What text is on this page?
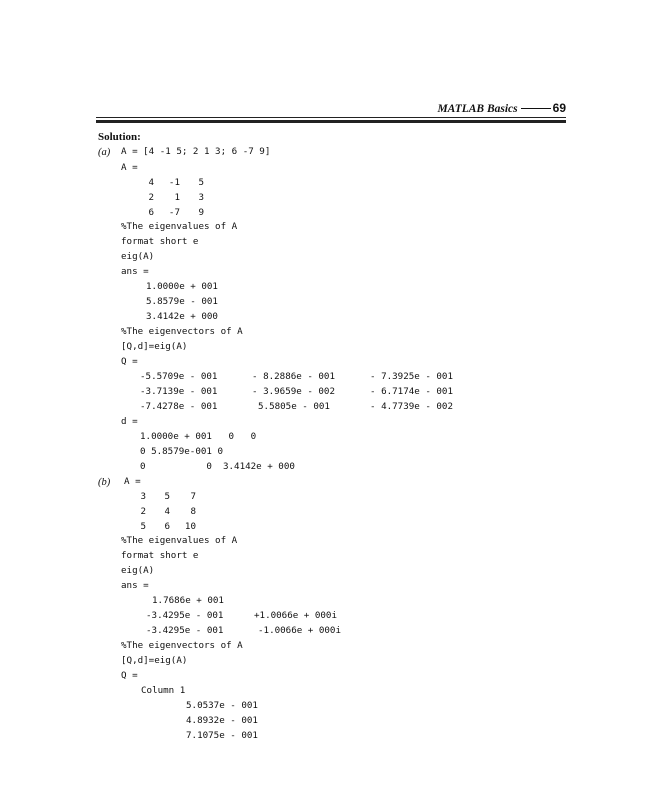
MATLAB Basics	69
Solution:
(a) A = [4 -1 5; 2 1 3; 6 -7 9]
A =
4	-1	5
2	1	3
6	-7	9
%The eigenvalues of A
format short e
eig(A)
ans =
1.0000e + 001
5.8579e - 001
3.4142e + 000
%The eigenvectors of A
[Q,d]=eig(A)
Q =
-5.5709e - 001	- 8.2886e - 001	- 7.3925e - 001
-3.7139e - 001	- 3.9659e - 002	- 6.7174e - 001
-7.4278e - 001	5.5805e - 001	- 4.7739e - 002
d =
1.0000e + 001   0   0
0 5.8579e-001 0
0           0  3.4142e + 000
(b) A =
3	5	7
2	4	8
5	6	10
%The eigenvalues of A
format short e
eig(A)
ans =
1.7686e + 001
-3.4295e - 001	+1.0066e + 000i
-3.4295e - 001	-1.0066e + 000i
%The eigenvectors of A
[Q,d]=eig(A)
Q =
Column 1
5.0537e - 001
4.8932e - 001
7.1075e - 001
